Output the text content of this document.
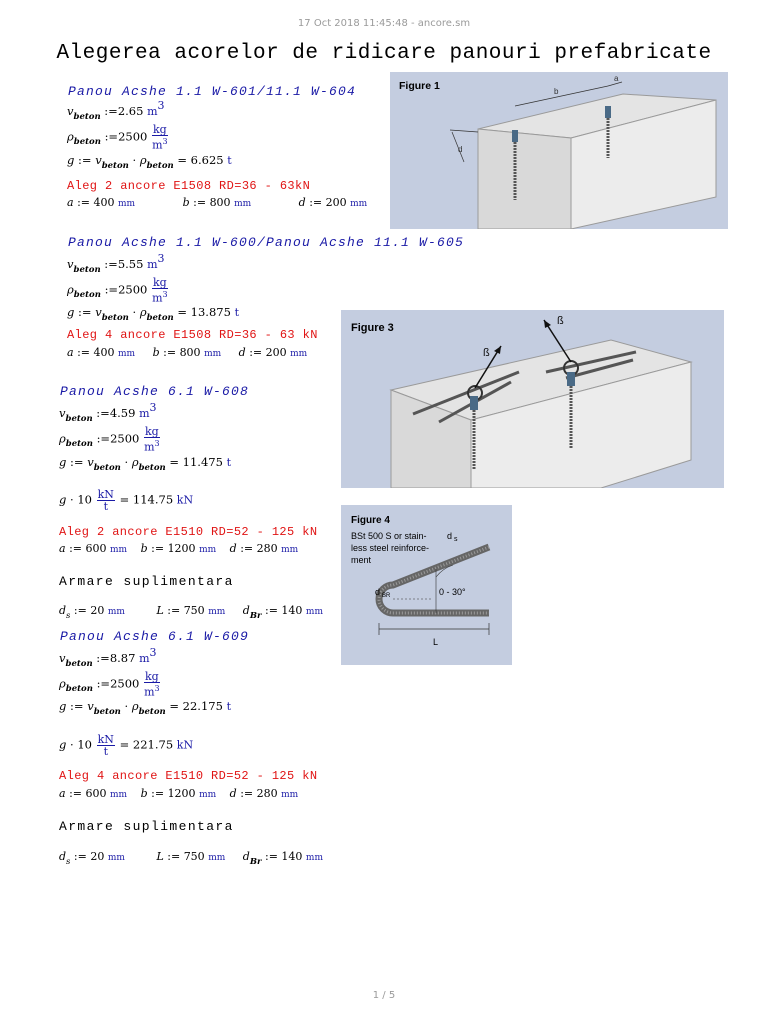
17 Oct 2018 11:45:48 - ancore.sm
Alegerea acorelor de ridicare panouri prefabricate
Panou Acshe 1.1 W-601/11.1 W-604
$v_{beton}$ :=2.65 m3
$\rho_{beton}$ :=2500 $\frac{kg}{m^3}$
g := $v_{beton} \cdot \rho_{beton} = 6.625$ t
Aleg 2 ancore E1508 RD=36 - 63kN
a := 400 mm	b := 800 mm	d := 200 mm
Panou Acshe 1.1 W-600/Panou Acshe 11.1 W-605
$v_{beton}$ :=5.55 m3
$\rho_{beton}$ :=2500 $\frac{kg}{m^3}$
g := $v_{beton} \cdot \rho_{beton} = 13.875$ t
Aleg 4 ancore E1508 RD=36 - 63 kN
a := 400 mm b := 800 mm d := 200 mm
Panou Acshe 6.1 W-608
$v_{beton}$ :=4.59 m3
$\rho_{beton}$ :=2500 $\frac{kg}{m^3}$
g := $v_{beton} \cdot \rho_{beton} = 11.475$ t
$g \cdot 10 \frac{kN}{t} = 114.75$ kN
Aleg 2 ancore E1510 RD=52 - 125 kN
a := 600 mm b := 1200 mm d := 280 mm
Armare suplimentara
$d_s$ := 20 mm	L := 750 mm $d_{Br}$ := 140 mm
Panou Acshe 6.1 W-609
$v_{beton}$ :=8.87 m3
$\rho_{beton}$ :=2500 $\frac{kg}{m^3}$
g := $v_{beton} \cdot \rho_{beton} = 22.175$ t
$g \cdot 10 \frac{kN}{t} = 221.75$ kN
Aleg 4 ancore E1510 RD=52 - 125 kN
a := 600 mm b := 1200 mm d := 280 mm
Armare suplimentara
$d_s$ := 20 mm	L := 750 mm $d_{Br}$ := 140 mm
Figure 1	b
a
d
Figure 3
ß
ß
Figure 4
BSt 500 S or stain-
less steel reinforce-
ment
d s
d BR	0 - 30°
L
1 / 5
